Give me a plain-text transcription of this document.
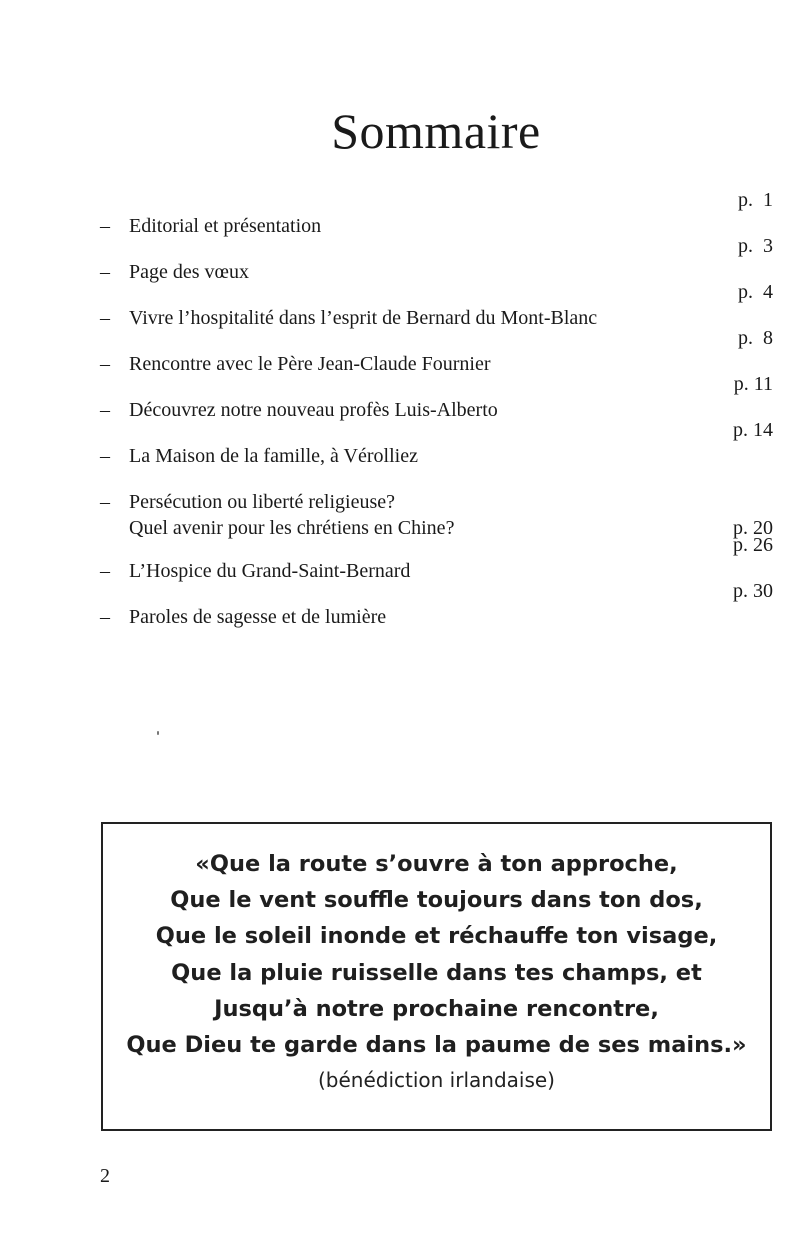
Sommaire
– Editorial et présentation
p.  1
– Page des vœux
p.  3
– Vivre l’hospitalité dans l’esprit de Bernard du Mont-Blanc
p.  4
– Rencontre avec le Père Jean-Claude Fournier
p.  8
– Découvrez notre nouveau profès Luis-Alberto
p. 11
– La Maison de la famille, à Vérolliez
p. 14
– Persécution ou liberté religieuse?
Quel avenir pour les chrétiens en Chine?	p. 20
– L’Hospice du Grand-Saint-Bernard
p. 26
– Paroles de sagesse et de lumière
p. 30
«Que la route s’ouvre à ton approche,
Que le vent souffle toujours dans ton dos,
Que le soleil inonde et réchauffe ton visage,
Que la pluie ruisselle dans tes champs, et
Jusqu’à notre prochaine rencontre,
Que Dieu te garde dans la paume de ses mains.»
(bénédiction irlandaise)
2
